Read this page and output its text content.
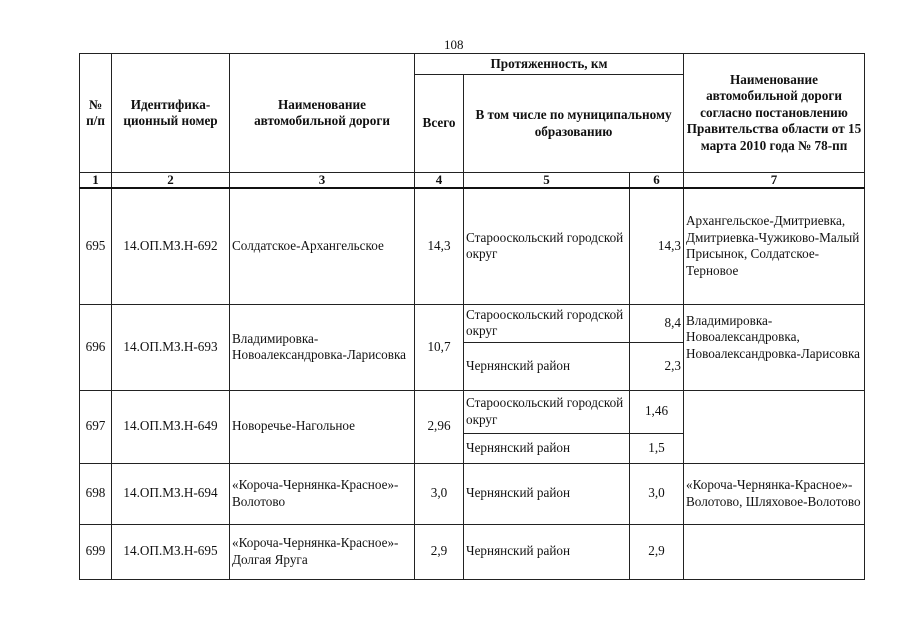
108
№ п/п	Идентифика-ционный номер	Наименование автомобильной дороги	Протяженность, км			Наименование автомобильной дороги согласно постановлению Правительства области от 15 марта 2010 года № 78-пп
			Всего	В том числе по муниципальному образованию		
1	2	3	4	5	6	7
695	14.ОП.МЗ.Н-692	Солдатское-Архангельское	14,3	Старооскольский городской округ	14,3	Архангельское-Дмитриевка, Дмитриевка-Чужиково-Малый Присынок, Солдатское-Терновое
696	14.ОП.МЗ.Н-693	Владимировка-Новоалександровка-Ларисовка	10,7	Старооскольский городской округ	8,4	Владимировка-Новоалександровка, Новоалександровка-Ларисовка
				Чернянский район	2,3	
697	14.ОП.МЗ.Н-649	Новоречье-Нагольное	2,96	Старооскольский городской округ	1,46	
				Чернянский район	1,5	
698	14.ОП.МЗ.Н-694	«Короча-Чернянка-Красное»-Волотово	3,0	Чернянский район	3,0	«Короча-Чернянка-Красное»-Волотово, Шляховое-Волотово
699	14.ОП.МЗ.Н-695	«Короча-Чернянка-Красное»-Долгая Яруга	2,9	Чернянский район	2,9	
